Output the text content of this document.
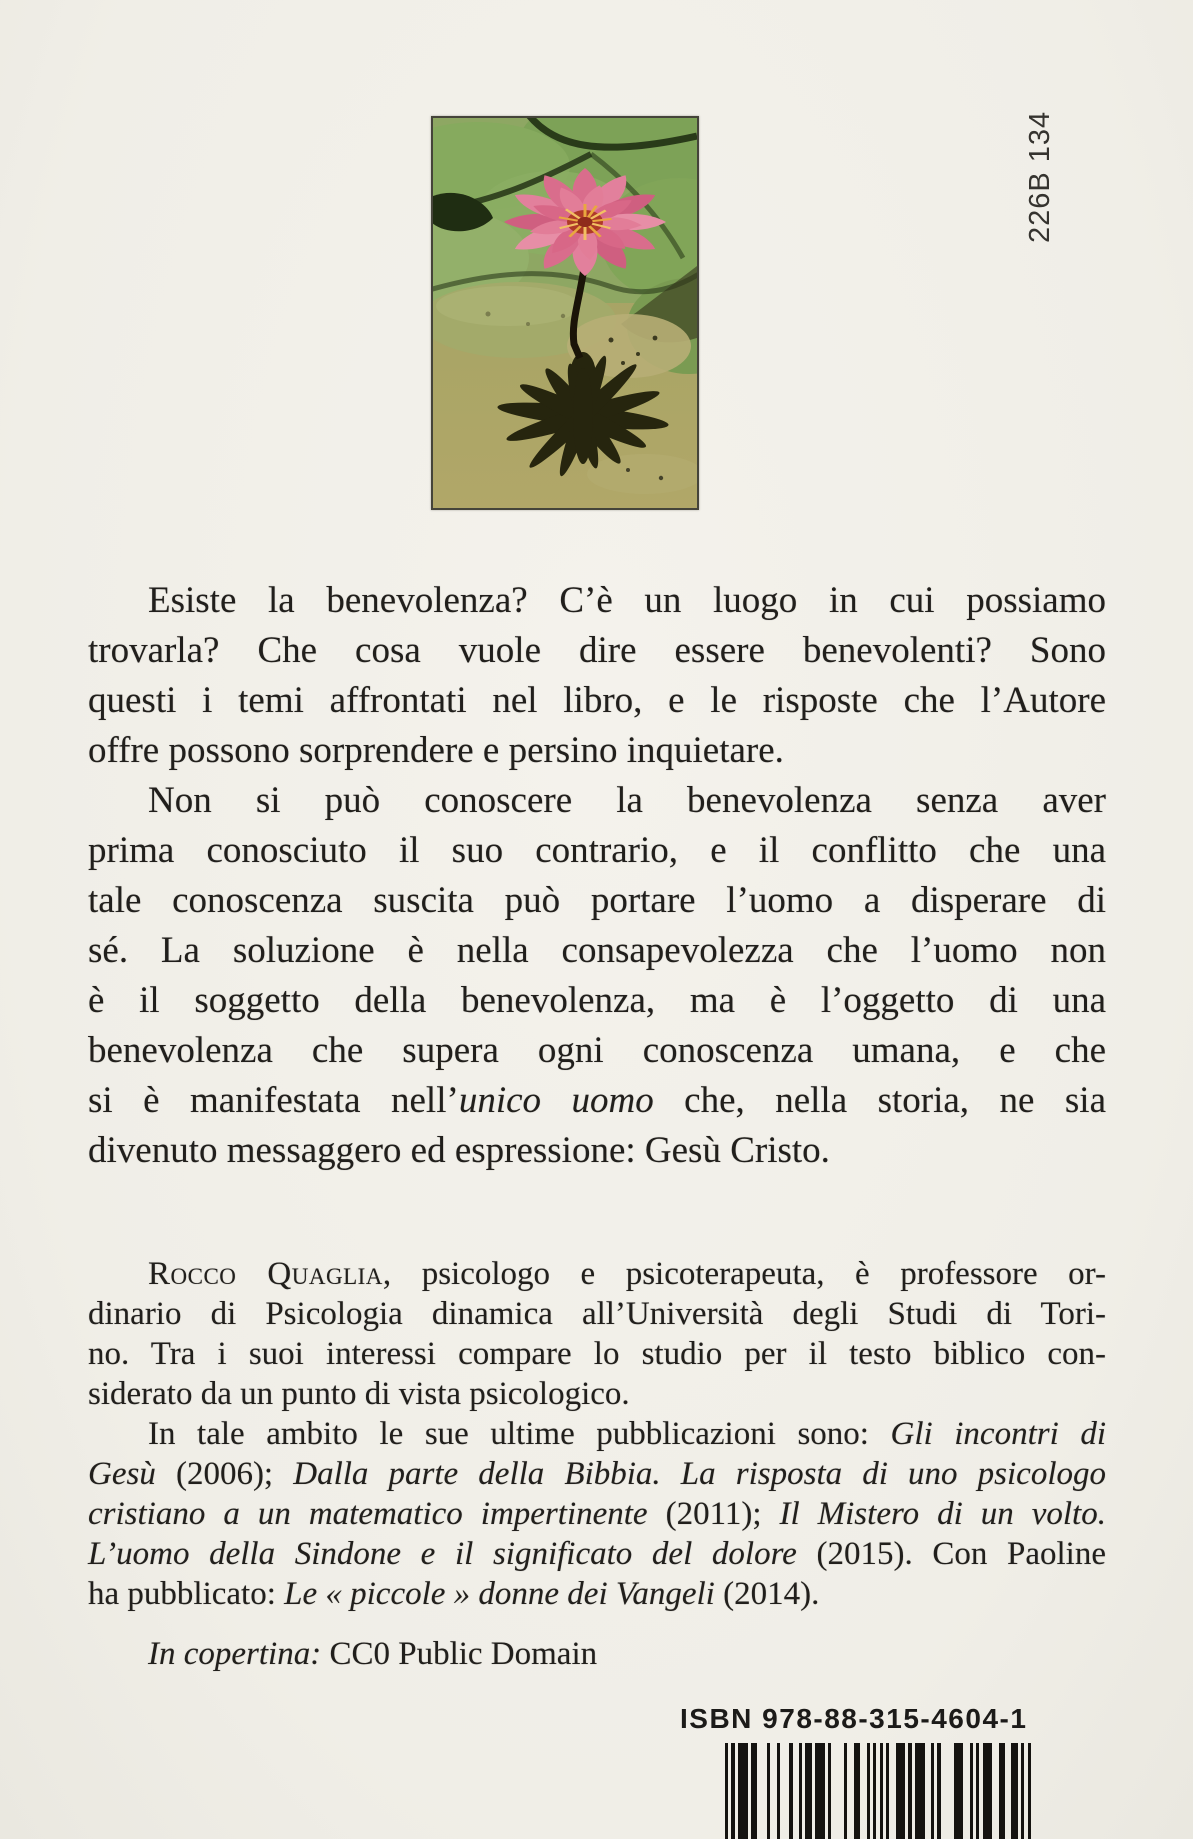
226B 134
Esiste la benevolenza? C’è un luogo in cui possiamo
trovarla? Che cosa vuole dire essere benevolenti? Sono
questi i temi affrontati nel libro, e le risposte che l’Autore
offre possono sorprendere e persino inquietare.
Non si può conoscere la benevolenza senza aver
prima conosciuto il suo contrario, e il conflitto che una
tale conoscenza suscita può portare l’uomo a disperare di
sé. La soluzione è nella consapevolezza che l’uomo non
è il soggetto della benevolenza, ma è l’oggetto di una
benevolenza che supera ogni conoscenza umana, e che
si è manifestata nell’unico uomo che, nella storia, ne sia
divenuto messaggero ed espressione: Gesù Cristo.
Rocco Quaglia, psicologo e psicoterapeuta, è professore or-
dinario di Psicologia dinamica all’Università degli Studi di Tori-
no. Tra i suoi interessi compare lo studio per il testo biblico con-
siderato da un punto di vista psicologico.
In tale ambito le sue ultime pubblicazioni sono: Gli incontri di
Gesù (2006); Dalla parte della Bibbia. La risposta di uno psicologo
cristiano a un matematico impertinente (2011); Il Mistero di un volto.
L’uomo della Sindone e il significato del dolore (2015). Con Paoline
ha pubblicato: Le « piccole » donne dei Vangeli (2014).
In copertina: CC0 Public Domain
ISBN 978-88-315-4604-1
